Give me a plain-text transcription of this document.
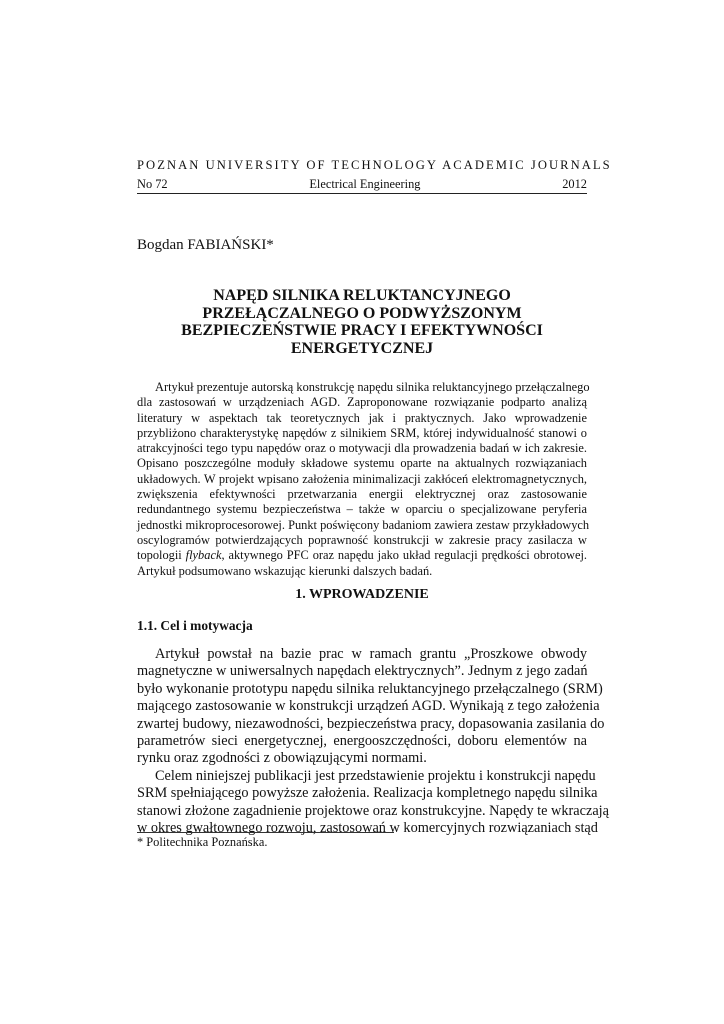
POZNAN UNIVERSITY OF TECHNOLOGY ACADEMIC JOURNALS
No 72	Electrical Engineering	2012
Bogdan FABIAŃSKI*
NAPĘD SILNIKA RELUKTANCYJNEGO
PRZEŁĄCZALNEGO O PODWYŻSZONYM
BEZPIECZEŃSTWIE PRACY I EFEKTYWNOŚCI
ENERGETYCZNEJ
Artykuł prezentuje autorską konstrukcję napędu silnika reluktancyjnego przełączalnego
dla zastosowań w urządzeniach AGD. Zaproponowane rozwiązanie podparto analizą
literatury w aspektach tak teoretycznych jak i praktycznych. Jako wprowadzenie
przybliżono charakterystykę napędów z silnikiem SRM, której indywidualność stanowi o
atrakcyjności tego typu napędów oraz o motywacji dla prowadzenia badań w ich zakresie.
Opisano poszczególne moduły składowe systemu oparte na aktualnych rozwiązaniach
układowych. W projekt wpisano założenia minimalizacji zakłóceń elektromagnetycznych,
zwiększenia efektywności przetwarzania energii elektrycznej oraz zastosowanie
redundantnego systemu bezpieczeństwa – także w oparciu o specjalizowane peryferia
jednostki mikroprocesorowej. Punkt poświęcony badaniom zawiera zestaw przykładowych
oscylogramów potwierdzających poprawność konstrukcji w zakresie pracy zasilacza w
topologii flyback, aktywnego PFC oraz napędu jako układ regulacji prędkości obrotowej.
Artykuł podsumowano wskazując kierunki dalszych badań.
1. WPROWADZENIE
1.1. Cel i motywacja
Artykuł powstał na bazie prac w ramach grantu „Proszkowe obwody
magnetyczne w uniwersalnych napędach elektrycznych”. Jednym z jego zadań
było wykonanie prototypu napędu silnika reluktancyjnego przełączalnego (SRM)
mającego zastosowanie w konstrukcji urządzeń AGD. Wynikają z tego założenia
zwartej budowy, niezawodności, bezpieczeństwa pracy, dopasowania zasilania do
parametrów sieci energetycznej, energooszczędności, doboru elementów na
rynku oraz zgodności z obowiązującymi normami.
Celem niniejszej publikacji jest przedstawienie projektu i konstrukcji napędu
SRM spełniającego powyższe założenia. Realizacja kompletnego napędu silnika
stanowi złożone zagadnienie projektowe oraz konstrukcyjne. Napędy te wkraczają
w okres gwałtownego rozwoju, zastosowań w komercyjnych rozwiązaniach stąd
* Politechnika Poznańska.
